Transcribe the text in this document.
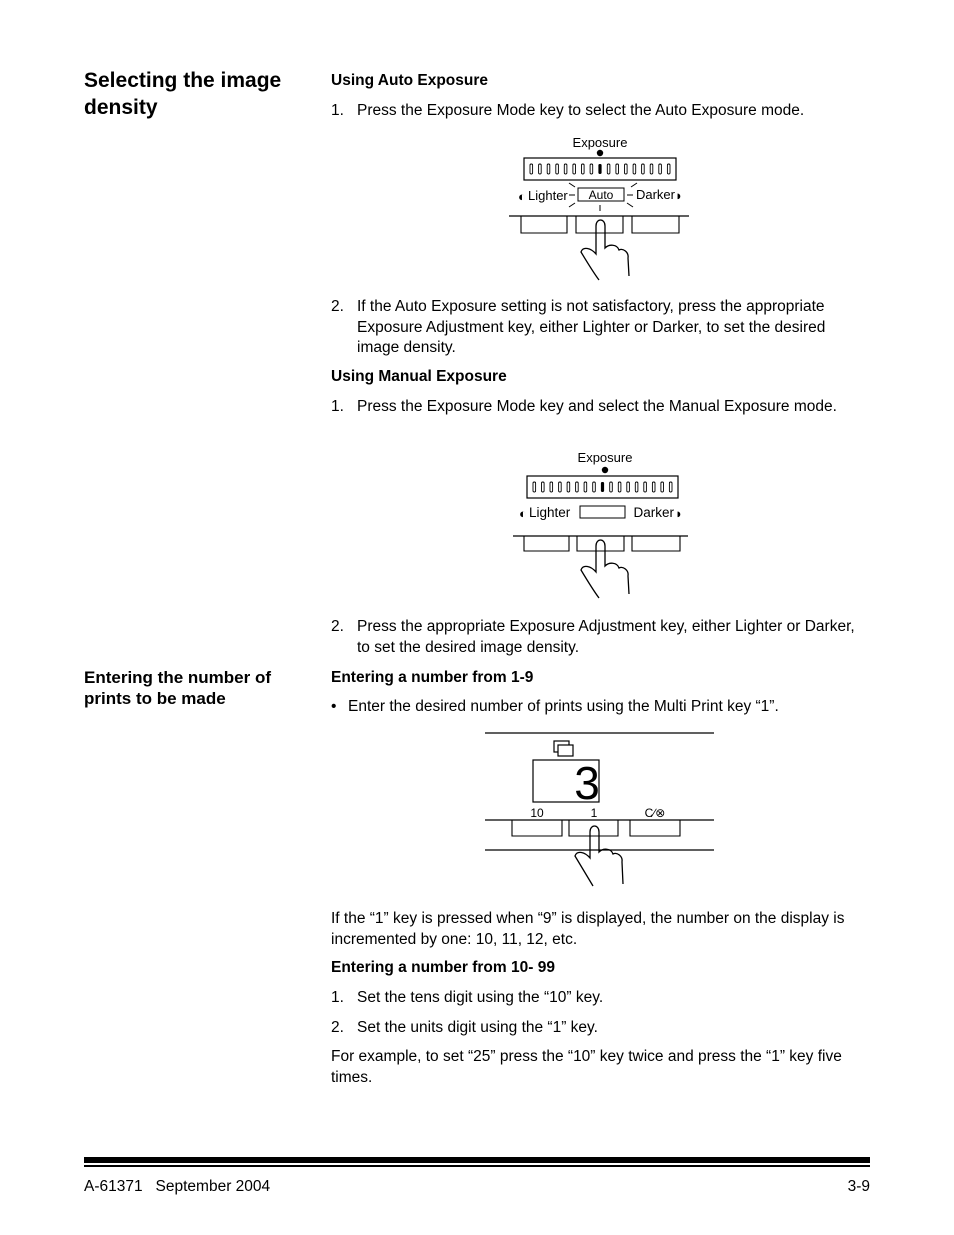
Selecting the image density
Using Auto Exposure
1. Press the Exposure Mode key to select the Auto Exposure mode.
Exposure
◐ Lighter	Darker ◗
Auto
2. If the Auto Exposure setting is not satisfactory, press the appropriate Exposure Adjustment key, either Lighter or Darker, to set the desired image density.
Using Manual Exposure
1. Press the Exposure Mode key and select the Manual Exposure mode.
Exposure
◐ Lighter	Darker ◗
2. Press the appropriate Exposure Adjustment key, either Lighter or Darker, to set the desired image density.
Entering the number of prints to be made
Entering a number from 1-9
• Enter the desired number of prints using the Multi Print key “1”.
3
10	1	C∕⊗
If the “1” key is pressed when “9” is displayed, the number on the display is incremented by one: 10, 11, 12, etc.
Entering a number from 10- 99
1. Set the tens digit using the “10” key.
2. Set the units digit using the “1” key.
For example, to set “25” press the “10” key twice and press the “1” key five times.
A-61371 September 2004	3-9
